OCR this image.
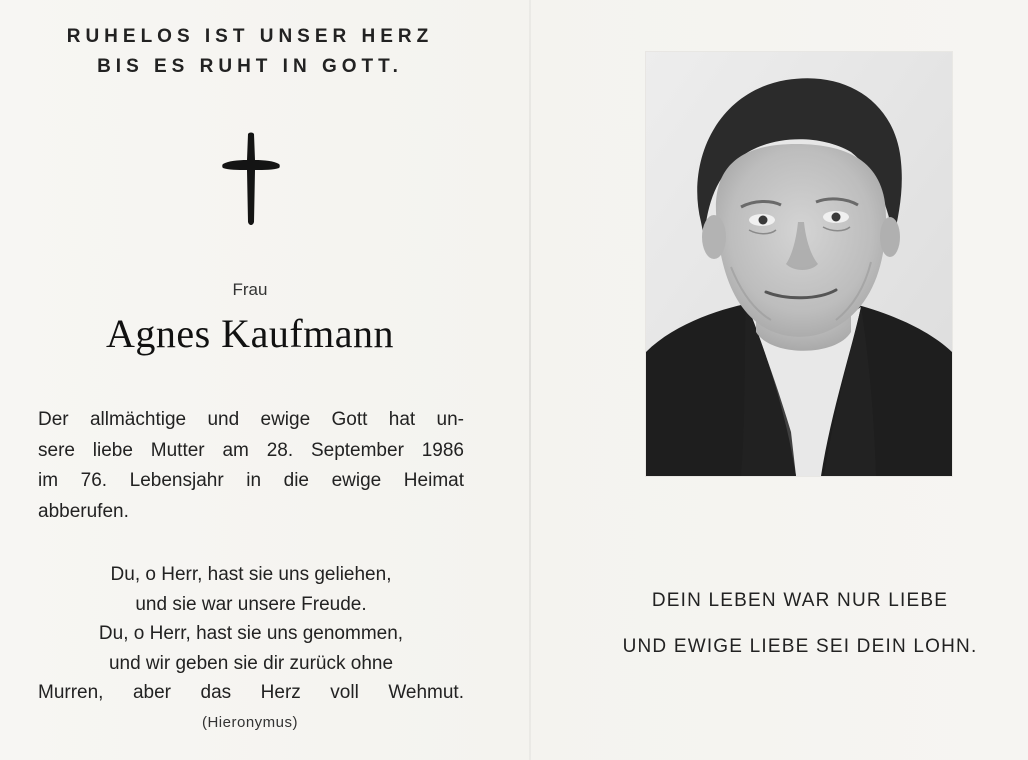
RUHELOS IST UNSER HERZ
BIS ES RUHT IN GOTT.
Frau
Agnes Kaufmann
Der allmächtige und ewige Gott hat un-
sere liebe Mutter am 28. September 1986
im 76. Lebensjahr in die ewige Heimat
abberufen.
Du, o Herr, hast sie uns geliehen,
und sie war unsere Freude.
Du, o Herr, hast sie uns genommen,
und wir geben sie dir zurück ohne
Murren, aber das Herz voll Wehmut.
(Hieronymus)
DEIN LEBEN WAR NUR LIEBE
UND EWIGE LIEBE SEI DEIN LOHN.
